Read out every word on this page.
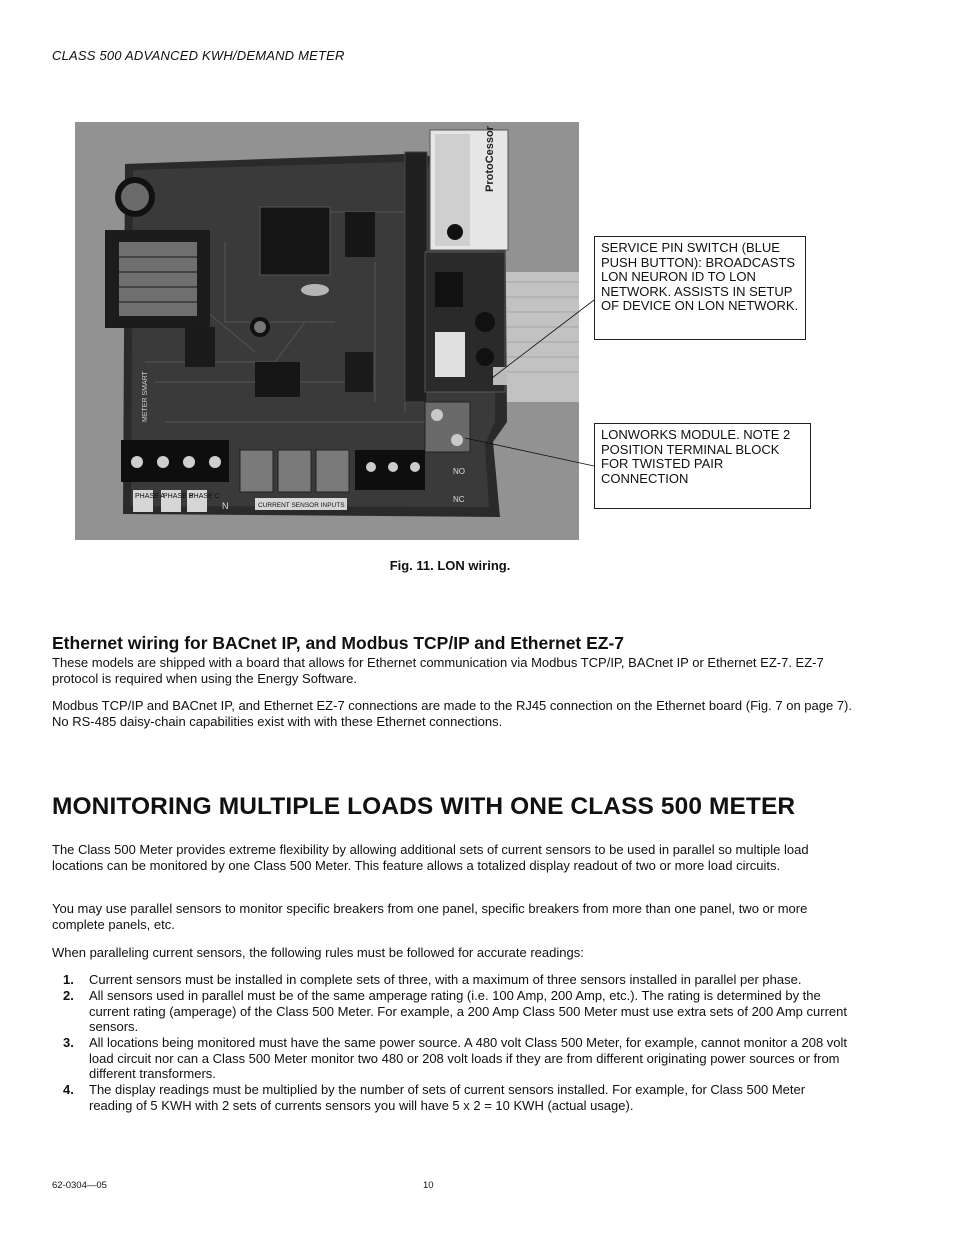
CLASS 500 ADVANCED KWH/DEMAND METER
ProtoCessor
PHASE A
PHASE B
PHASE C
N	CURRENT SENSOR INPUTS
METER SMART
NC
NO
SERVICE PIN SWITCH (BLUE PUSH BUTTON): BROADCASTS LON NEURON ID TO LON NETWORK. ASSISTS IN SETUP OF DEVICE ON LON NETWORK.
LONWORKS MODULE. NOTE 2 POSITION TERMINAL BLOCK FOR TWISTED PAIR CONNECTION
Fig. 11. LON wiring.
Ethernet wiring for BACnet IP, and Modbus TCP/IP and Ethernet EZ-7
These models are shipped with a board that allows for Ethernet communication via Modbus TCP/IP, BACnet IP or Ethernet EZ-7. EZ-7 protocol is required when using the Energy Software.
Modbus TCP/IP and BACnet IP, and Ethernet EZ-7 connections are made to the RJ45 connection on the Ethernet board (Fig. 7 on page 7). No RS-485 daisy-chain capabilities exist with with these Ethernet connections.
MONITORING MULTIPLE LOADS WITH ONE CLASS 500 METER
The Class 500 Meter provides extreme flexibility by allowing additional sets of current sensors to be used in parallel so multiple load locations can be monitored by one Class 500 Meter. This feature allows a totalized display readout of two or more load circuits.
You may use parallel sensors to monitor specific breakers from one panel, specific breakers from more than one panel, two or more complete panels, etc.
When paralleling current sensors, the following rules must be followed for accurate readings:
1. Current sensors must be installed in complete sets of three, with a maximum of three sensors installed in parallel per phase.
2. All sensors used in parallel must be of the same amperage rating (i.e. 100 Amp, 200 Amp, etc.). The rating is determined by the current rating (amperage) of the Class 500 Meter. For example, a 200 Amp Class 500 Meter must use extra sets of 200 Amp current sensors.
3. All locations being monitored must have the same power source. A 480 volt Class 500 Meter, for example, cannot monitor a 208 volt load circuit nor can a Class 500 Meter monitor two 480 or 208 volt loads if they are from different originating power sources or from different transformers.
4. The display readings must be multiplied by the number of sets of current sensors installed. For example, for Class 500 Meter reading of 5 KWH with 2 sets of currents sensors you will have 5 x 2 = 10 KWH (actual usage).
62-0304—05	10
